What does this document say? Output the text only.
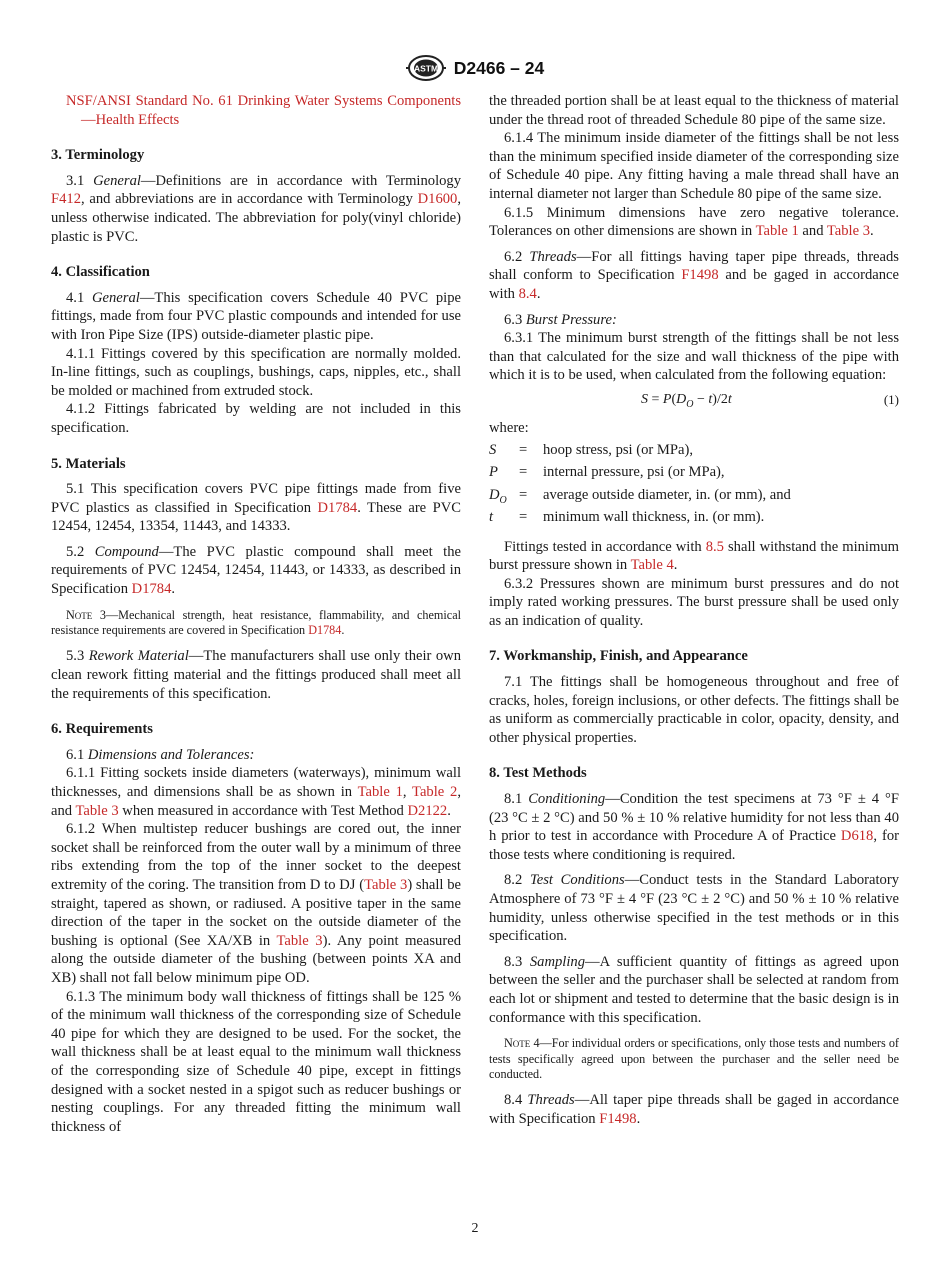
ASTM D2466 – 24

NSF/ANSI Standard No. 61 Drinking Water Systems Components—Health Effects

3. Terminology

3.1 General—Definitions are in accordance with Terminology F412, and abbreviations are in accordance with Terminology D1600, unless otherwise indicated. The abbreviation for poly(vinyl chloride) plastic is PVC.

4. Classification

4.1 General—This specification covers Schedule 40 PVC pipe fittings, made from four PVC plastic compounds and intended for use with Iron Pipe Size (IPS) outside-diameter plastic pipe.

4.1.1 Fittings covered by this specification are normally molded. In-line fittings, such as couplings, bushings, caps, nipples, etc., shall be molded or machined from extruded stock.

4.1.2 Fittings fabricated by welding are not included in this specification.

5. Materials

5.1 This specification covers PVC pipe fittings made from five PVC plastics as classified in Specification D1784. These are PVC 12454, 12454, 13354, 11443, and 14333.

5.2 Compound—The PVC plastic compound shall meet the requirements of PVC 12454, 12454, 11443, or 14333, as described in Specification D1784.

Note 3—Mechanical strength, heat resistance, flammability, and chemical resistance requirements are covered in Specification D1784.

5.3 Rework Material—The manufacturers shall use only their own clean rework fitting material and the fittings produced shall meet all the requirements of this specification.

6. Requirements

6.1 Dimensions and Tolerances:

6.1.1 Fitting sockets inside diameters (waterways), minimum wall thicknesses, and dimensions shall be as shown in Table 1, Table 2, and Table 3 when measured in accordance with Test Method D2122.

6.1.2 When multistep reducer bushings are cored out, the inner socket shall be reinforced from the outer wall by a minimum of three ribs extending from the top of the inner socket to the deepest extremity of the coring. The transition from D to DJ (Table 3) shall be straight, tapered as shown, or radiused. A positive taper in the same direction of the taper in the socket on the outside diameter of the bushing is optional (See XA/XB in Table 3). Any point measured along the outside diameter of the bushing (between points XA and XB) shall not fall below minimum pipe OD.

6.1.3 The minimum body wall thickness of fittings shall be 125 % of the minimum wall thickness of the corresponding size of Schedule 40 pipe for which they are designed to be used. For the socket, the wall thickness shall be at least equal to the minimum wall thickness of the corresponding size of Schedule 40 pipe, except in fittings designed with a socket nested in a spigot such as reducer bushings or nesting couplings. For any threaded fitting the minimum wall thickness of

the threaded portion shall be at least equal to the thickness of material under the thread root of threaded Schedule 80 pipe of the same size.

6.1.4 The minimum inside diameter of the fittings shall be not less than the minimum specified inside diameter of the corresponding size of Schedule 40 pipe. Any fitting having a male thread shall have an internal diameter not larger than Schedule 80 pipe of the same size.

6.1.5 Minimum dimensions have zero negative tolerance. Tolerances on other dimensions are shown in Table 1 and Table 3.

6.2 Threads—For all fittings having taper pipe threads, threads shall conform to Specification F1498 and be gaged in accordance with 8.4.

6.3 Burst Pressure:

6.3.1 The minimum burst strength of the fittings shall be not less than that calculated for the size and wall thickness of the pipe with which it is to be used, when calculated from the following equation:

$S = P(D_O - t)/2t$	(1)

where:

S	=	hoop stress, psi (or MPa),
P	=	internal pressure, psi (or MPa),
$D_O$ =	average outside diameter, in. (or mm), and
t	=	minimum wall thickness, in. (or mm).

Fittings tested in accordance with 8.5 shall withstand the minimum burst pressure shown in Table 4.

6.3.2 Pressures shown are minimum burst pressures and do not imply rated working pressures. The burst pressure shall be used only as an indication of quality.

7. Workmanship, Finish, and Appearance

7.1 The fittings shall be homogeneous throughout and free of cracks, holes, foreign inclusions, or other defects. The fittings shall be as uniform as commercially practicable in color, opacity, density, and other physical properties.

8. Test Methods

8.1 Conditioning—Condition the test specimens at 73 °F ± 4 °F (23 °C ± 2 °C) and 50 % ± 10 % relative humidity for not less than 40 h prior to test in accordance with Procedure A of Practice D618, for those tests where conditioning is required.

8.2 Test Conditions—Conduct tests in the Standard Laboratory Atmosphere of 73 °F ± 4 °F (23 °C ± 2 °C) and 50 % ± 10 % relative humidity, unless otherwise specified in the test methods or in this specification.

8.3 Sampling—A sufficient quantity of fittings as agreed upon between the seller and the purchaser shall be selected at random from each lot or shipment and tested to determine that the basic design is in conformance with this specification.

Note 4—For individual orders or specifications, only those tests and numbers of tests specifically agreed upon between the purchaser and the seller need be conducted.

8.4 Threads—All taper pipe threads shall be gaged in accordance with Specification F1498.

2
